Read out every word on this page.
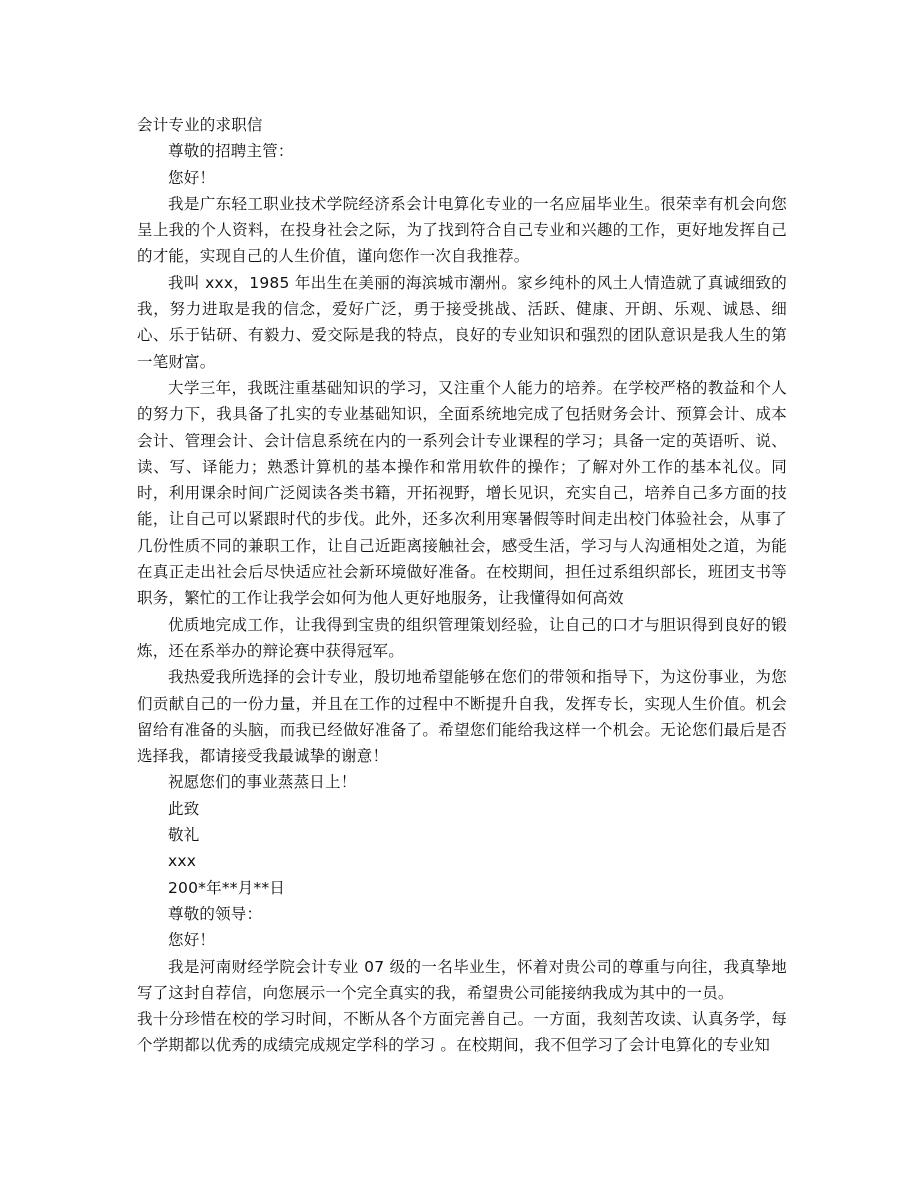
会计专业的求职信

尊敬的招聘主管：

您好！

我是广东轻工职业技术学院经济系会计电算化专业的一名应届毕业生。很荣幸有机会向您呈上我的个人资料，在投身社会之际，为了找到符合自己专业和兴趣的工作，更好地发挥自己的才能，实现自己的人生价值，谨向您作一次自我推荐。

我叫 xxx，1985 年出生在美丽的海滨城市潮州。家乡纯朴的风土人情造就了真诚细致的我，努力进取是我的信念，爱好广泛，勇于接受挑战、活跃、健康、开朗、乐观、诚恳、细心、乐于钻研、有毅力、爱交际是我的特点，良好的专业知识和强烈的团队意识是我人生的第一笔财富。

大学三年，我既注重基础知识的学习，又注重个人能力的培养。在学校严格的教益和个人的努力下，我具备了扎实的专业基础知识，全面系统地完成了包括财务会计、预算会计、成本会计、管理会计、会计信息系统在内的一系列会计专业课程的学习；具备一定的英语听、说、读、写、译能力；熟悉计算机的基本操作和常用软件的操作；了解对外工作的基本礼仪。同时，利用课余时间广泛阅读各类书籍，开拓视野，增长见识，充实自己，培养自己多方面的技能，让自己可以紧跟时代的步伐。此外，还多次利用寒暑假等时间走出校门体验社会，从事了几份性质不同的兼职工作，让自己近距离接触社会，感受生活，学习与人沟通相处之道，为能在真正走出社会后尽快适应社会新环境做好准备。在校期间，担任过系组织部长，班团支书等职务，繁忙的工作让我学会如何为他人更好地服务，让我懂得如何高效

优质地完成工作，让我得到宝贵的组织管理策划经验，让自己的口才与胆识得到良好的锻炼，还在系举办的辩论赛中获得冠军。

我热爱我所选择的会计专业，殷切地希望能够在您们的带领和指导下，为这份事业，为您们贡献自己的一份力量，并且在工作的过程中不断提升自我，发挥专长，实现人生价值。机会留给有准备的头脑，而我已经做好准备了。希望您们能给我这样一个机会。无论您们最后是否选择我，都请接受我最诚挚的谢意！

祝愿您们的事业蒸蒸日上！

此致

敬礼

xxx

200*年**月**日

尊敬的领导：

您好！

我是河南财经学院会计专业 07 级的一名毕业生，怀着对贵公司的尊重与向往，我真挚地写了这封自荐信，向您展示一个完全真实的我，希望贵公司能接纳我成为其中的一员。

我十分珍惜在校的学习时间，不断从各个方面完善自己。一方面，我刻苦攻读、认真务学，每个学期都以优秀的成绩完成规定学科的学习 。在校期间，我不但学习了会计电算化的专业知
